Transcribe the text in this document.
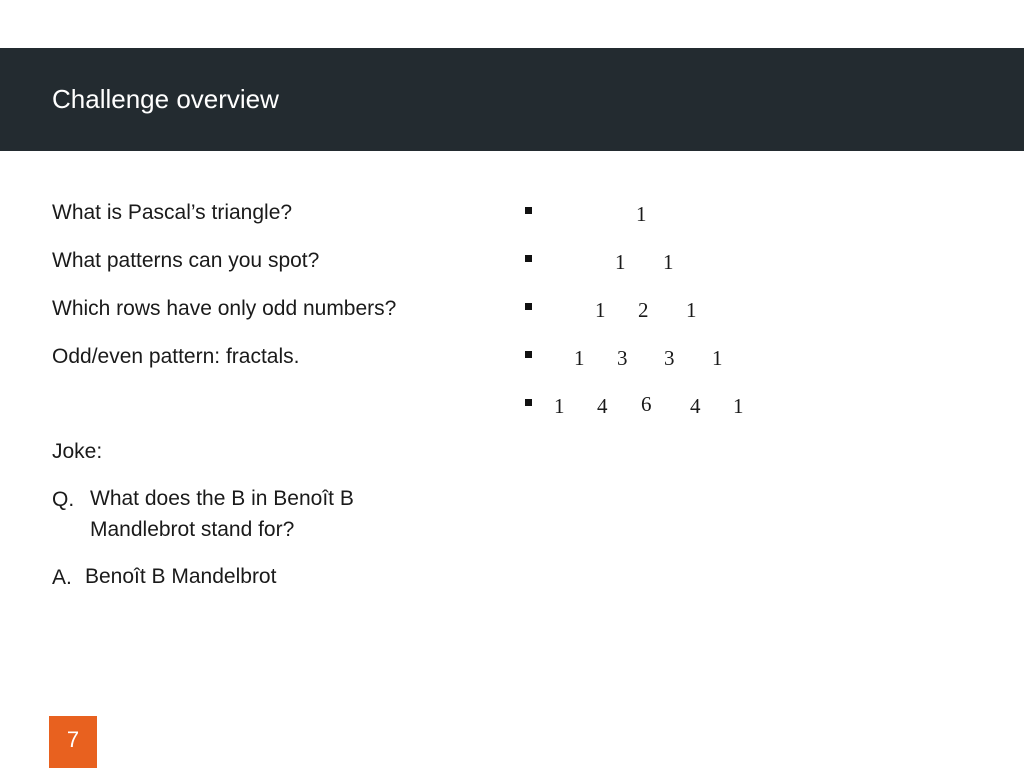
Challenge overview
What is Pascal’s triangle?
What patterns can you spot?
Which rows have only odd numbers?
Odd/even pattern: fractals.
Joke:
Q. What does the B in Benoît B
Mandlebrot stand for?
A. Benoît B Mandelbrot
1
1 1
1 2 1
1 3 3 1
1 4 6 4 1
7
